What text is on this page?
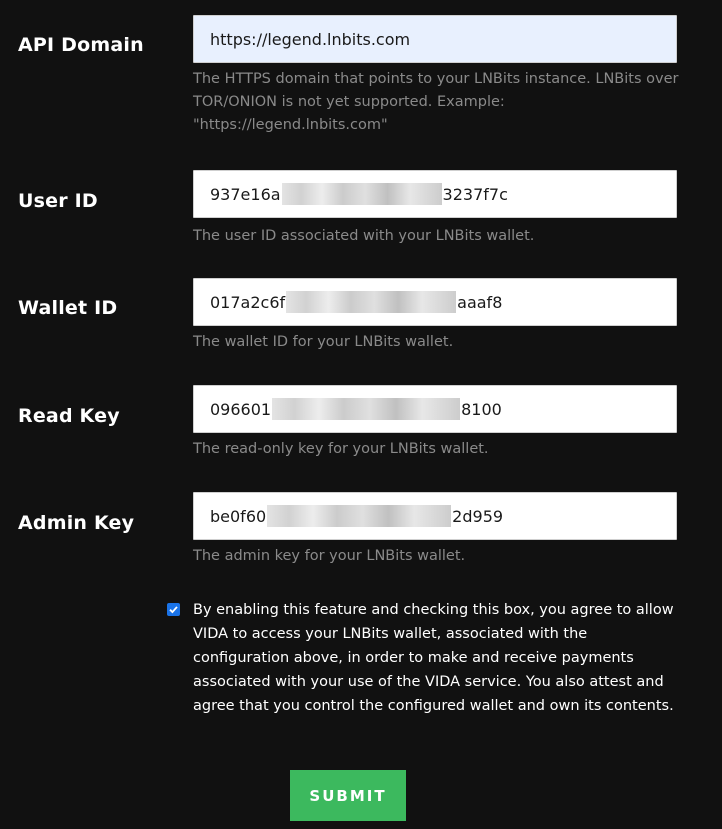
API Domain
https://legend.lnbits.com
The HTTPS domain that points to your LNBits instance. LNBits over TOR/ONION is not yet supported. Example: "https://legend.lnbits.com"
User ID	937e16a	3237f7c
The user ID associated with your LNBits wallet.
Wallet ID	017a2c6f	aaaf8
The wallet ID for your LNBits wallet.
Read Key	096601	8100
The read-only key for your LNBits wallet.
Admin Key	be0f60	2d959
The admin key for your LNBits wallet.
By enabling this feature and checking this box, you agree to allow VIDA to access your LNBits wallet, associated with the configuration above, in order to make and receive payments associated with your use of the VIDA service. You also attest and agree that you control the configured wallet and own its contents.
SUBMIT
